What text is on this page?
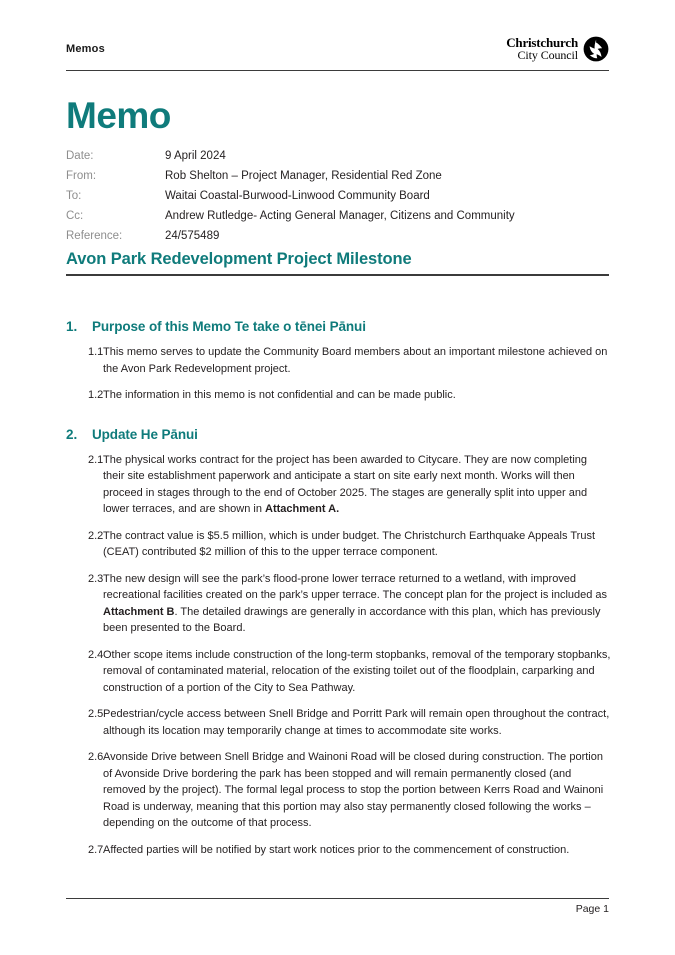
Memos	Christchurch
City Council
Memo
Date:	9 April 2024
From:	Rob Shelton – Project Manager, Residential Red Zone
To:	Waitai Coastal-Burwood-Linwood Community Board
Cc:	Andrew Rutledge- Acting General Manager, Citizens and Community
Reference:	24/575489
Avon Park Redevelopment Project Milestone
1.	Purpose of this Memo Te take o tēnei Pānui
1.1 This memo serves to update the Community Board members about an important milestone achieved on the Avon Park Redevelopment project.
1.2 The information in this memo is not confidential and can be made public.
2.	Update He Pānui
2.1 The physical works contract for the project has been awarded to Citycare. They are now completing their site establishment paperwork and anticipate a start on site early next month. Works will then proceed in stages through to the end of October 2025. The stages are generally split into upper and lower terraces, and are shown in Attachment A.
2.2 The contract value is $5.5 million, which is under budget. The Christchurch Earthquake Appeals Trust (CEAT) contributed $2 million of this to the upper terrace component.
2.3 The new design will see the park’s flood-prone lower terrace returned to a wetland, with improved recreational facilities created on the park’s upper terrace. The concept plan for the project is included as Attachment B. The detailed drawings are generally in accordance with this plan, which has previously been presented to the Board.
2.4 Other scope items include construction of the long-term stopbanks, removal of the temporary stopbanks, removal of contaminated material, relocation of the existing toilet out of the floodplain, carparking and construction of a portion of the City to Sea Pathway.
2.5 Pedestrian/cycle access between Snell Bridge and Porritt Park will remain open throughout the contract, although its location may temporarily change at times to accommodate site works.
2.6 Avonside Drive between Snell Bridge and Wainoni Road will be closed during construction. The portion of Avonside Drive bordering the park has been stopped and will remain permanently closed (and removed by the project). The formal legal process to stop the portion between Kerrs Road and Wainoni Road is underway, meaning that this portion may also stay permanently closed following the works – depending on the outcome of that process.
2.7 Affected parties will be notified by start work notices prior to the commencement of construction.
Page 1
